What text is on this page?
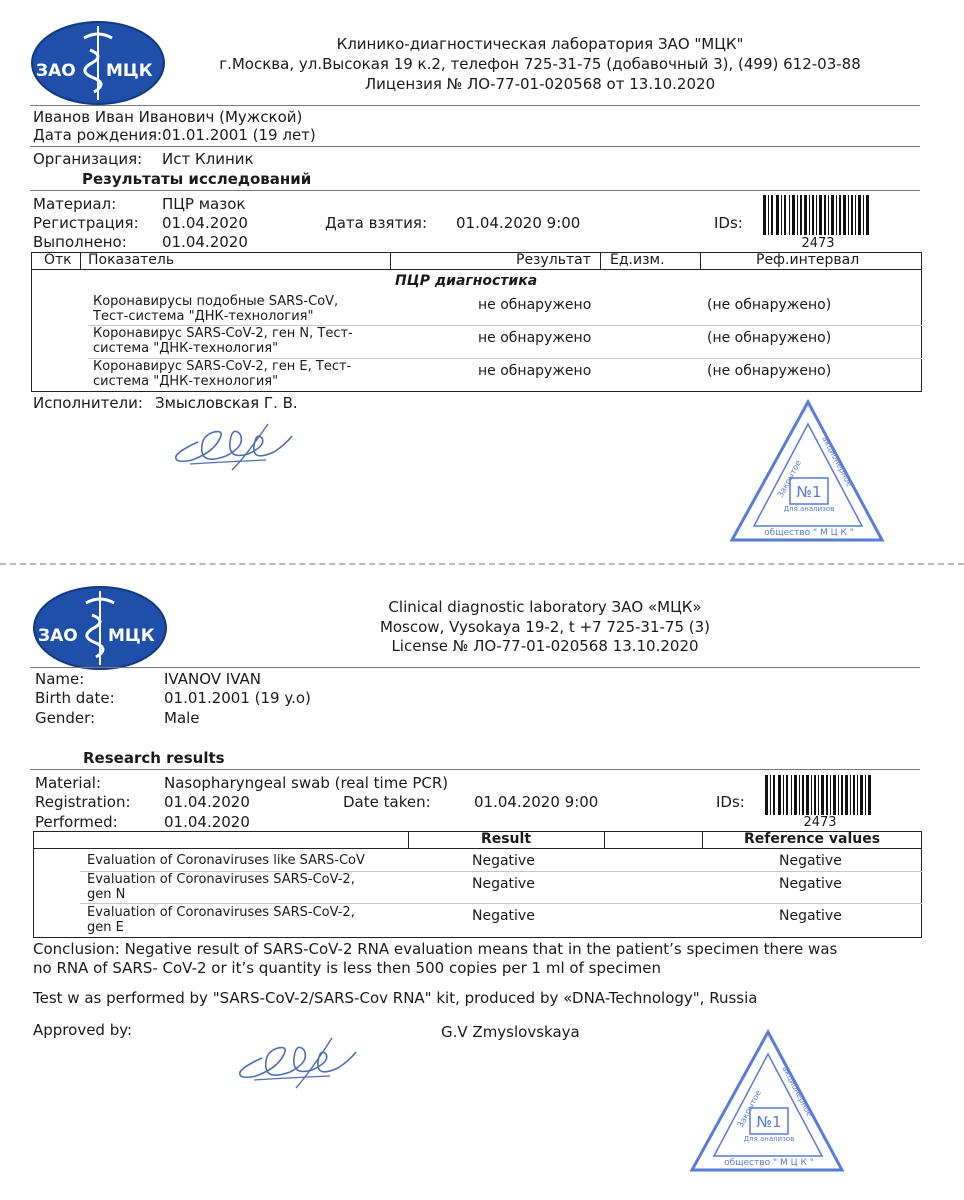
ЗАО МЦК
Клинико-диагностическая лаборатория ЗАО "МЦК"
г.Москва, ул.Высокая 19 к.2, телефон 725-31-75 (добавочный 3), (499) 612-03-88
Лицензия № ЛО-77-01-020568 от 13.10.2020
Иванов Иван Иванович (Мужской)
Дата рождения: 01.01.2001 (19 лет)
Организация: Ист Клиник
Результаты исследований
Материал:	ПЦР мазок
Регистрация: 01.04.2020	Дата взятия: 01.04.2020 9:00
Выполнено: 01.04.2020
IDs:
2473
Отк Показатель	Результат Ед.изм.	Реф.интервал
ПЦР диагностика
Коронавирусы подобные SARS-CoV,
Тест-система "ДНК-технология"
не обнаружено	(не обнаружено)
Коронавирус SARS-CoV-2, ген N, Тест-
система "ДНК-технология"
не обнаружено	(не обнаружено)
Коронавирус SARS-CoV-2, ген E, Тест-
система "ДНК-технология"
не обнаружено	(не обнаружено)
Исполнители: Змысловская Г. В.
№1
Для анализов
общество " М Ц К "
Закрытое акционерное
ЗАО МЦК
Clinical diagnostic laboratory ЗАО «МЦК»
Moscow, Vysokaya 19-2, t +7 725-31-75 (3)
License № ЛО-77-01-020568 13.10.2020
Name:	IVANOV IVAN
Birth date:	01.01.2001 (19 y.o)
Gender:	Male
Research results
Material:	Nasopharyngeal swab (real time PCR)
Registration: 01.04.2020	Date taken:	01.04.2020 9:00
Performed:	01.04.2020
IDs:
2473
Result	Reference values
Evaluation of Coronaviruses like SARS-CoV	Negative	Negative
Evaluation of Coronaviruses SARS-CoV-2,
gen N
Negative	Negative
Evaluation of Coronaviruses SARS-CoV-2,
gen E
Negative	Negative
Conclusion: Negative result of SARS-CoV-2 RNA evaluation means that in the patient’s specimen there was
no RNA of SARS- CoV-2 or it’s quantity is less then 500 copies per 1 ml of specimen
Test w as performed by "SARS-CoV-2/SARS-Cov RNA" kit, produced by «DNA-Technology", Russia
Approved by:	G.V Zmyslovskaya
№1
Для анализов
общество " М Ц К "
Закрытое акционерное
